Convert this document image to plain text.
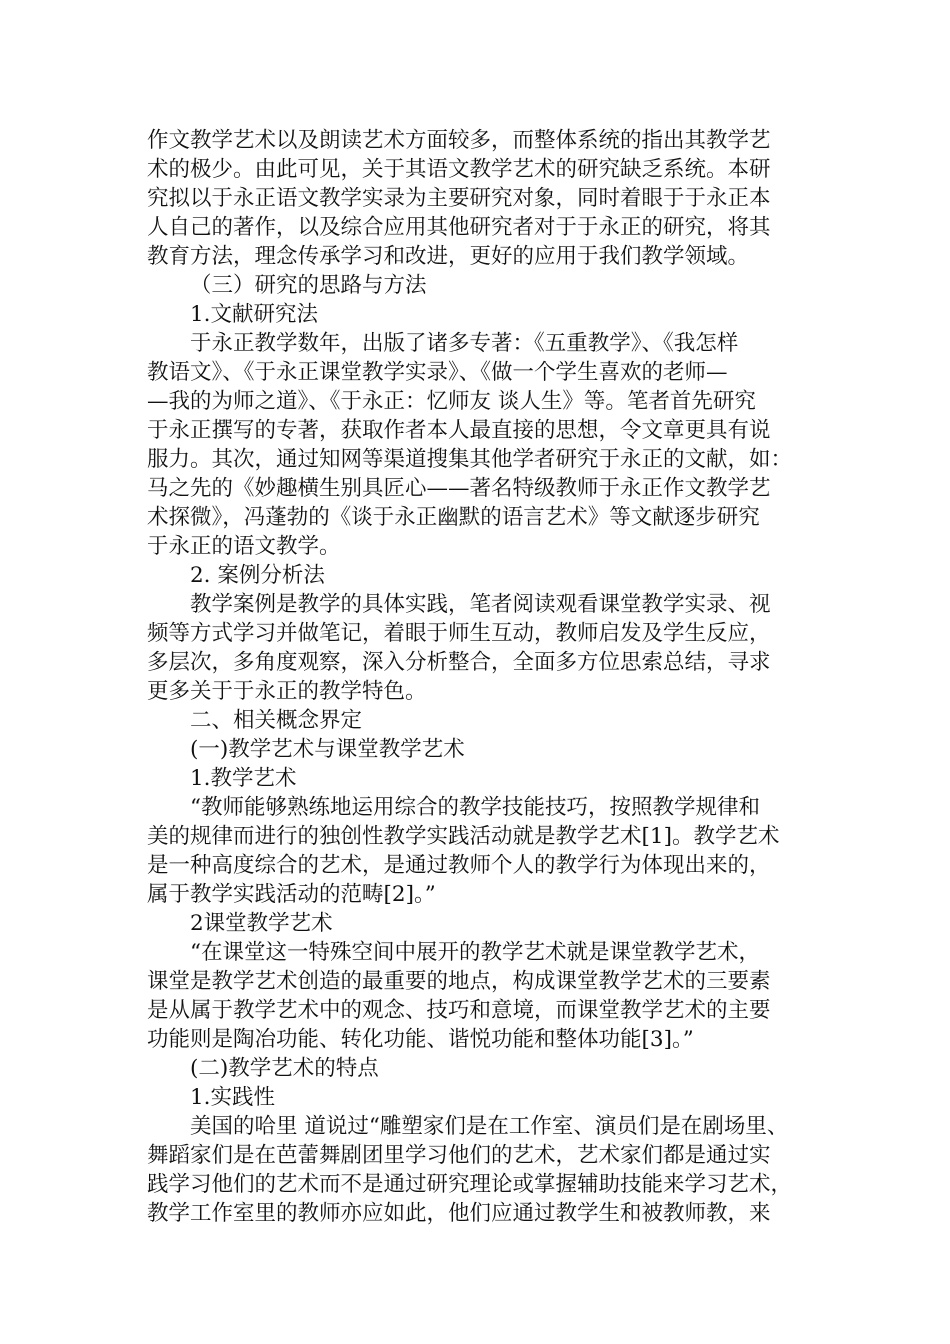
作文教学艺术以及朗读艺术方面较多，而整体系统的指出其教学艺
术的极少。由此可见，关于其语文教学艺术的研究缺乏系统。本研
究拟以于永正语文教学实录为主要研究对象，同时着眼于于永正本
人自己的著作，以及综合应用其他研究者对于于永正的研究，将其
教育方法，理念传承学习和改进，更好的应用于我们教学领域。
（三）研究的思路与方法
1.文献研究法
于永正教学数年，出版了诸多专著：《五重教学》、《我怎样
教语文》、《于永正课堂教学实录》、《做一个学生喜欢的老师—
—我的为师之道》、《于永正：忆师友 谈人生》等。笔者首先研究
于永正撰写的专著，获取作者本人最直接的思想，令文章更具有说
服力。其次，通过知网等渠道搜集其他学者研究于永正的文献，如：
马之先的《妙趣横生别具匠心——著名特级教师于永正作文教学艺
术探微》，冯蓬勃的《谈于永正幽默的语言艺术》等文献逐步研究
于永正的语文教学。
2. 案例分析法
教学案例是教学的具体实践，笔者阅读观看课堂教学实录、视
频等方式学习并做笔记，着眼于师生互动，教师启发及学生反应，
多层次，多角度观察，深入分析整合，全面多方位思索总结，寻求
更多关于于永正的教学特色。
二、相关概念界定
(一)教学艺术与课堂教学艺术
1.教学艺术
“教师能够熟练地运用综合的教学技能技巧，按照教学规律和
美的规律而进行的独创性教学实践活动就是教学艺术[1]。教学艺术
是一种高度综合的艺术，是通过教师个人的教学行为体现出来的，
属于教学实践活动的范畴[2]。”
2课堂教学艺术
“在课堂这一特殊空间中展开的教学艺术就是课堂教学艺术，
课堂是教学艺术创造的最重要的地点，构成课堂教学艺术的三要素
是从属于教学艺术中的观念、技巧和意境，而课堂教学艺术的主要
功能则是陶冶功能、转化功能、谐悦功能和整体功能[3]。”
(二)教学艺术的特点
1.实践性
美国的哈里 道说过“雕塑家们是在工作室、演员们是在剧场里、
舞蹈家们是在芭蕾舞剧团里学习他们的艺术，艺术家们都是通过实
践学习他们的艺术而不是通过研究理论或掌握辅助技能来学习艺术，
教学工作室里的教师亦应如此，他们应通过教学生和被教师教，来
